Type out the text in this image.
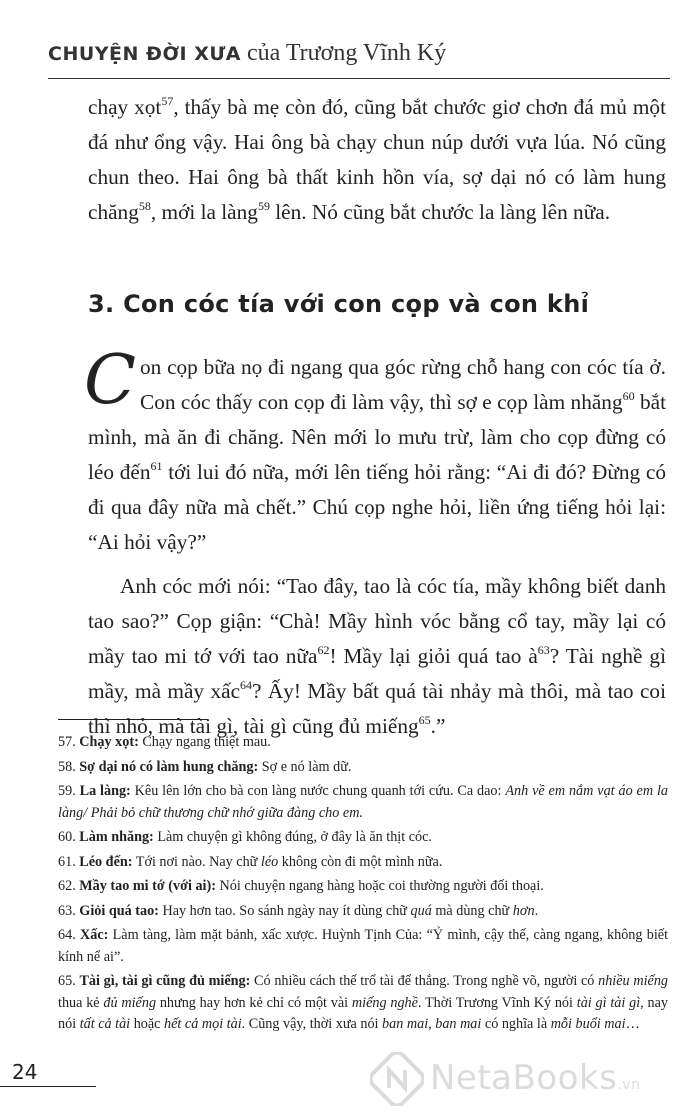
CHUYỆN ĐỜI XƯA của Trương Vĩnh Ký

chạy xọt$^{57}$, thấy bà mẹ còn đó, cũng bắt chước giơ chơn đá mủ một đá như ổng vậy. Hai ông bà chạy chun núp dưới vựa lúa. Nó cũng chun theo. Hai ông bà thất kinh hồn vía, sợ dại nó có làm hung chăng$^{58}$, mới la làng$^{59}$ lên. Nó cũng bắt chước la làng lên nữa.

3. Con cóc tía với con cọp và con khỉ

Con cọp bữa nọ đi ngang qua góc rừng chỗ hang con cóc tía ở. Con cóc thấy con cọp đi làm vậy, thì sợ e cọp làm nhăng$^{60}$ bắt mình, mà ăn đi chăng. Nên mới lo mưu trừ, làm cho cọp đừng có léo đến$^{61}$ tới lui đó nữa, mới lên tiếng hỏi rằng: “Ai đi đó? Đừng có đi qua đây nữa mà chết.” Chú cọp nghe hỏi, liền ứng tiếng hỏi lại: “Ai hỏi vậy?”

Anh cóc mới nói: “Tao đây, tao là cóc tía, mầy không biết danh tao sao?” Cọp giận: “Chà! Mầy hình vóc bằng cổ tay, mầy lại có mầy tao mi tớ với tao nữa$^{62}$! Mầy lại giỏi quá tao $à^{63}$? Tài nghề gì mầy, mà mầy xấc$^{64}$? Ấy! Mầy bất quá tài nhảy mà thôi, mà tao coi thì nhỏ, mà tài gì, tài gì cũng đủ miếng$^{65}$.”

57. Chạy xọt: Chạy ngang thiệt mau.

58. Sợ dại nó có làm hung chăng: Sợ e nó làm dữ.

59. La làng: Kêu lên lớn cho bà con làng nước chung quanh tới cứu. Ca dao: Anh về em nắm vạt áo em la làng/ Phải bỏ chữ thương chữ nhớ giữa đàng cho em.

60. Làm nhăng: Làm chuyện gì không đúng, ở đây là ăn thịt cóc.

61. Léo đến: Tới nơi nào. Nay chữ léo không còn đi một mình nữa.

62. Mầy tao mi tớ (với ai): Nói chuyện ngang hàng hoặc coi thường người đối thoại.

63. Giỏi quá tao: Hay hơn tao. So sánh ngày nay ít dùng chữ quá mà dùng chữ hơn.

64. Xấc: Làm tàng, làm mặt bảnh, xấc xược. Huỳnh Tịnh Của: “Ỷ mình, cậy thế, càng ngang, không biết kính nể ai”.

65. Tài gì, tài gì cũng đủ miếng: Có nhiều cách thế trổ tài để thắng. Trong nghề võ, người có nhiều miếng thua kẻ đủ miếng nhưng hay hơn kẻ chỉ có một vài miếng nghề. Thời Trương Vĩnh Ký nói tài gì tài gì, nay nói tất cả tài hoặc hết cả mọi tài. Cũng vậy, thời xưa nói ban mai, ban mai có nghĩa là mỗi buổi mai…

24	NetaBooks.vn
